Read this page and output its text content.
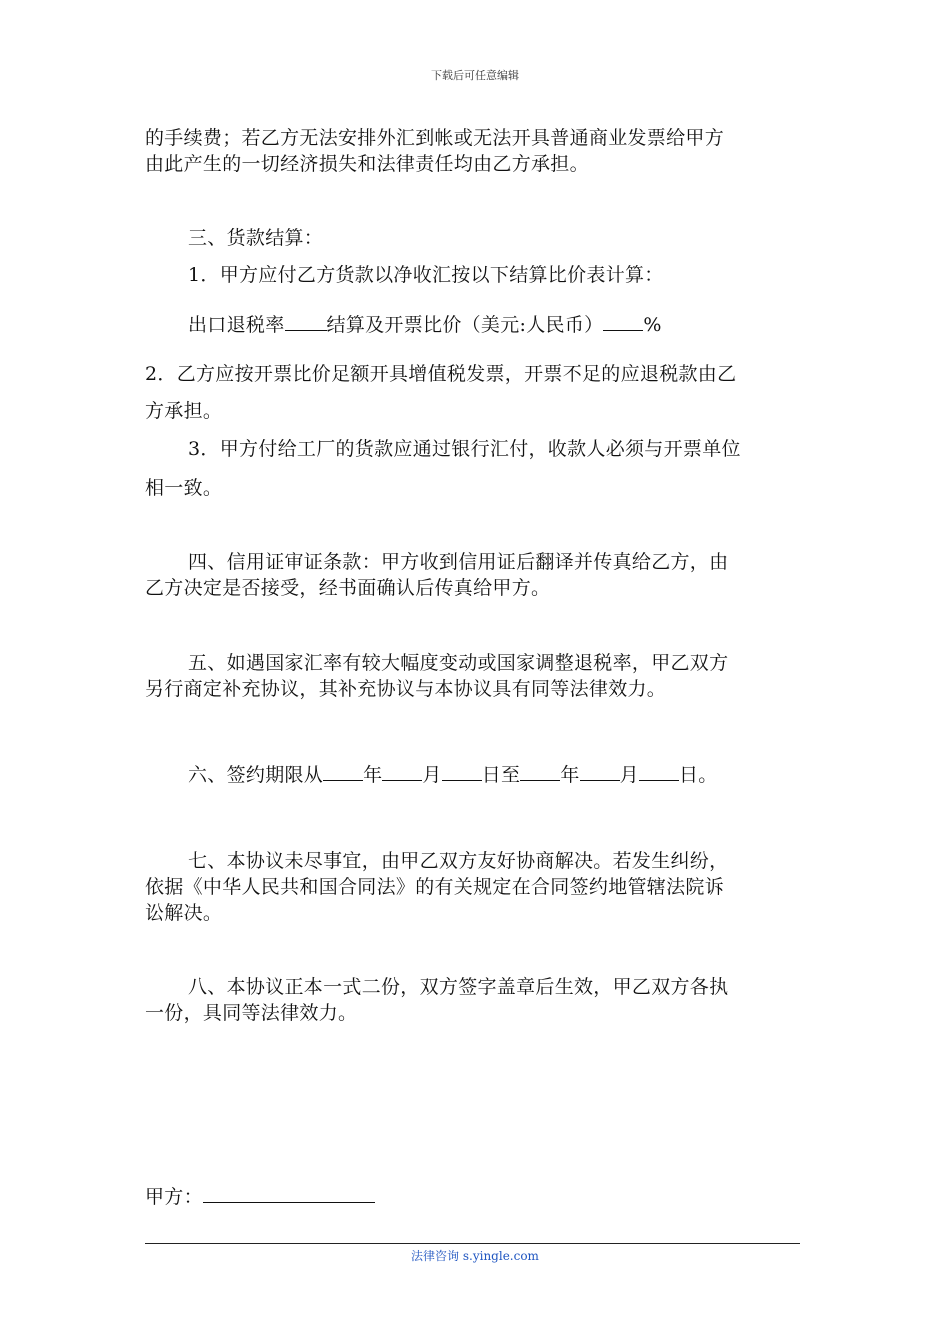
下载后可任意编辑
的手续费；若乙方无法安排外汇到帐或无法开具普通商业发票给甲方
由此产生的一切经济损失和法律责任均由乙方承担。
三、货款结算：
1．甲方应付乙方货款以净收汇按以下结算比价表计算：
出口退税率 结算及开票比价（美元:人民币） %
2．乙方应按开票比价足额开具增值税发票，开票不足的应退税款由乙
方承担。
3．甲方付给工厂的货款应通过银行汇付，收款人必须与开票单位
相一致。
四、信用证审证条款：甲方收到信用证后翻译并传真给乙方，由
乙方决定是否接受，经书面确认后传真给甲方。
五、如遇国家汇率有较大幅度变动或国家调整退税率，甲乙双方
另行商定补充协议，其补充协议与本协议具有同等法律效力。
六、签约期限从 年 月 日至 年 月 日。
七、本协议未尽事宜，由甲乙双方友好协商解决。若发生纠纷，
依据《中华人民共和国合同法》的有关规定在合同签约地管辖法院诉
讼解决。
八、本协议正本一式二份，双方签字盖章后生效，甲乙双方各执
一份，具同等法律效力。
甲方：
法律咨询 s.yingle.com
